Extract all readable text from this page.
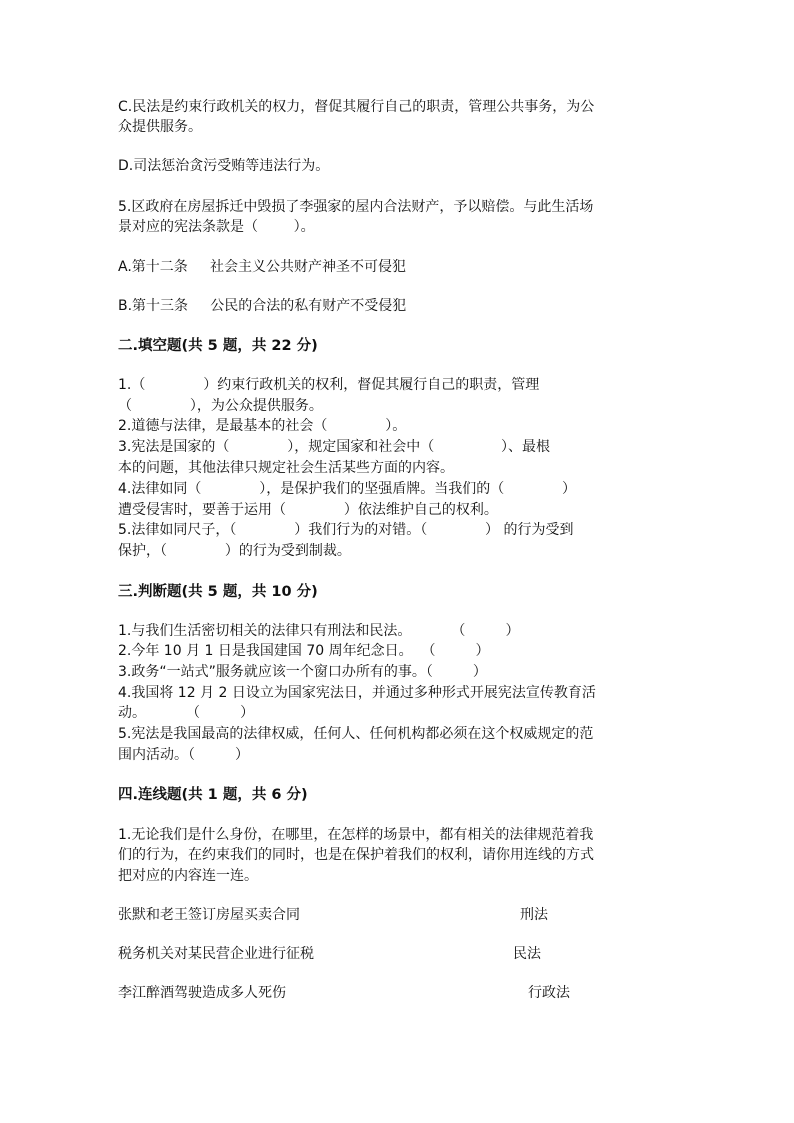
C.民法是约束行政机关的权力，督促其履行自己的职责，管理公共事务，为公
众提供服务。
D.司法惩治贪污受贿等违法行为。
5.区政府在房屋拆迁中毁损了李强家的屋内合法财产，予以赔偿。与此生活场
景对应的宪法条款是（        ）。
A.第十二条     社会主义公共财产神圣不可侵犯
B.第十三条     公民的合法的私有财产不受侵犯
二.填空题(共 5 题，共 22 分)
1.（             ）约束行政机关的权利，督促其履行自己的职责，管理
（             ），为公众提供服务。
2.道德与法律，是最基本的社会（             ）。
3.宪法是国家的（             ），规定国家和社会中（               ）、最根
本的问题，其他法律只规定社会生活某些方面的内容。
4.法律如同（             ），是保护我们的坚强盾牌。当我们的（             ）
遭受侵害时，要善于运用（             ）依法维护自己的权利。
5.法律如同尺子，（             ）我们行为的对错。（             ） 的行为受到
保护，（             ）的行为受到制裁。
三.判断题(共 5 题，共 10 分)
1.与我们生活密切相关的法律只有刑法和民法。         （         ）
2.今年 10 月 1 日是我国建国 70 周年纪念日。  （         ）
3.政务“一站式”服务就应该一个窗口办所有的事。（         ）
4.我国将 12 月 2 日设立为国家宪法日，并通过多种形式开展宪法宣传教育活
动。         （         ）
5.宪法是我国最高的法律权威，任何人、任何机构都必须在这个权威规定的范
围内活动。（         ）
四.连线题(共 1 题，共 6 分)
1.无论我们是什么身份，在哪里，在怎样的场景中，都有相关的法律规范着我
们的行为，在约束我们的同时，也是在保护着我们的权利，请你用连线的方式
把对应的内容连一连。
张默和老王签订房屋买卖合同	刑法
税务机关对某民营企业进行征税	民法
李江醉酒驾驶造成多人死伤	行政法
